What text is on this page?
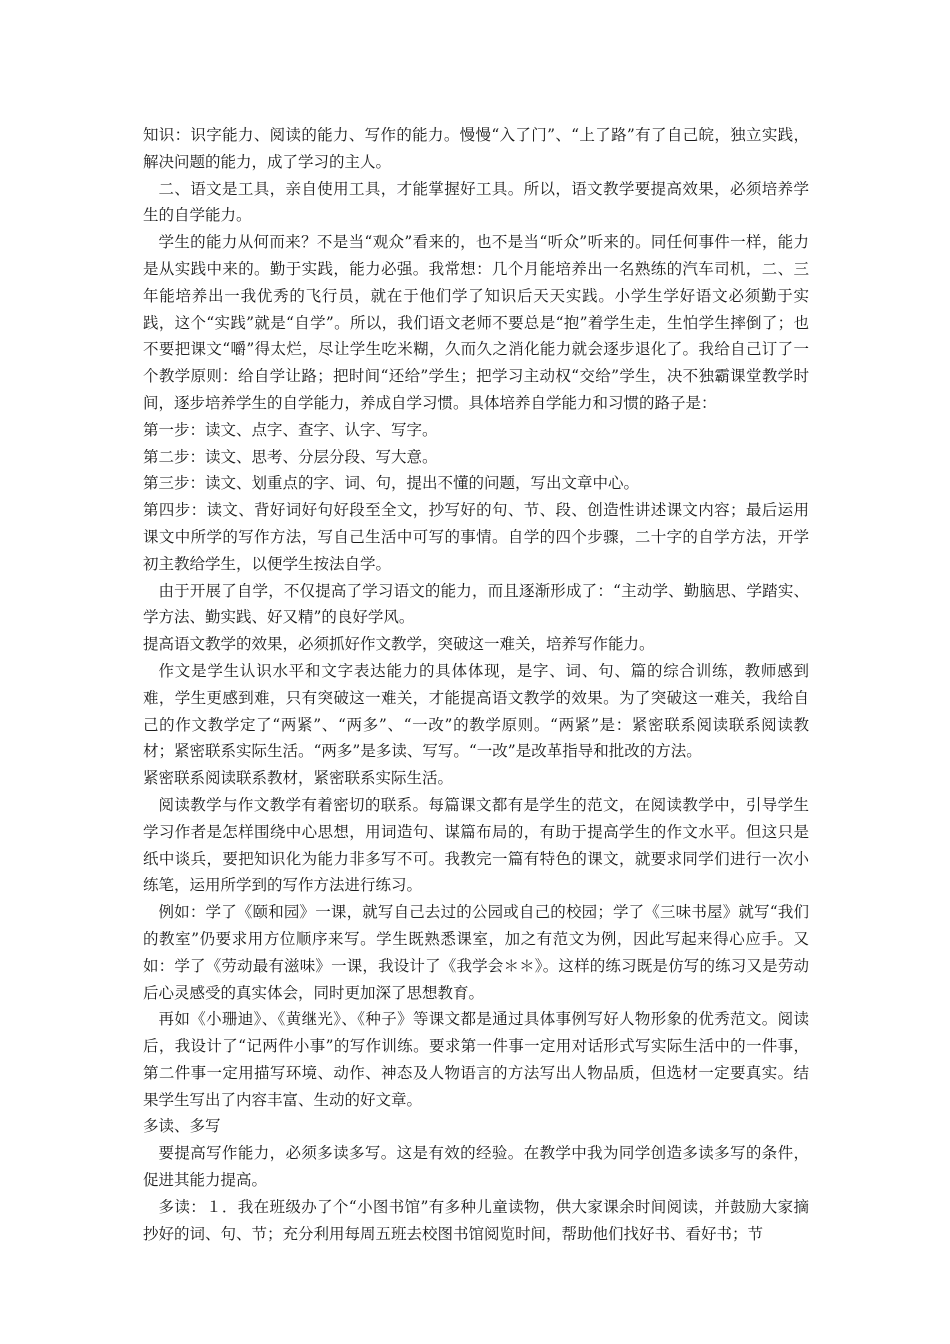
知识：识字能力、阅读的能力、写作的能力。慢慢“入了门”、“上了路”有了自己皖，独立实践，解决问题的能力，成了学习的主人。

二、语文是工具，亲自使用工具，才能掌握好工具。所以，语文教学要提高效果，必须培养学生的自学能力。

学生的能力从何而来？不是当“观众”看来的，也不是当“听众”听来的。同任何事件一样，能力是从实践中来的。勤于实践，能力必强。我常想：几个月能培养出一名熟练的汽车司机，二、三年能培养出一我优秀的飞行员，就在于他们学了知识后天天实践。小学生学好语文必须勤于实践，这个“实践”就是“自学”。所以，我们语文老师不要总是“抱”着学生走，生怕学生摔倒了；也不要把课文“嚼”得太烂，尽让学生吃米糊，久而久之消化能力就会逐步退化了。我给自己订了一个教学原则：给自学让路；把时间“还给”学生；把学习主动权“交给”学生，决不独霸课堂教学时间，逐步培养学生的自学能力，养成自学习惯。具体培养自学能力和习惯的路子是：

第一步：读文、点字、查字、认字、写字。

第二步：读文、思考、分层分段、写大意。

第三步：读文、划重点的字、词、句，提出不懂的问题，写出文章中心。

第四步：读文、背好词好句好段至全文，抄写好的句、节、段、创造性讲述课文内容；最后运用课文中所学的写作方法，写自己生活中可写的事情。自学的四个步骤，二十字的自学方法，开学初主教给学生，以便学生按法自学。

由于开展了自学，不仅提高了学习语文的能力，而且逐渐形成了：“主动学、勤脑思、学踏实、学方法、勤实践、好又精”的良好学风。

提高语文教学的效果，必须抓好作文教学，突破这一难关，培养写作能力。

作文是学生认识水平和文字表达能力的具体体现，是字、词、句、篇的综合训练，教师感到难，学生更感到难，只有突破这一难关，才能提高语文教学的效果。为了突破这一难关，我给自己的作文教学定了“两紧”、“两多”、“一改”的教学原则。“两紧”是：紧密联系阅读联系阅读教材；紧密联系实际生活。“两多”是多读、写写。“一改”是改革指导和批改的方法。

紧密联系阅读联系教材，紧密联系实际生活。

阅读教学与作文教学有着密切的联系。每篇课文都有是学生的范文，在阅读教学中，引导学生学习作者是怎样围绕中心思想，用词造句、谋篇布局的，有助于提高学生的作文水平。但这只是纸中谈兵，要把知识化为能力非多写不可。我教完一篇有特色的课文，就要求同学们进行一次小练笔，运用所学到的写作方法进行练习。

例如：学了《颐和园》一课，就写自己去过的公园或自己的校园；学了《三味书屋》就写“我们的教室”仍要求用方位顺序来写。学生既熟悉课室，加之有范文为例，因此写起来得心应手。又如：学了《劳动最有滋味》一课，我设计了《我学会＊＊》。这样的练习既是仿写的练习又是劳动后心灵感受的真实体会，同时更加深了思想教育。

再如《小珊迪》、《黄继光》、《种子》等课文都是通过具体事例写好人物形象的优秀范文。阅读后，我设计了“记两件小事”的写作训练。要求第一件事一定用对话形式写实际生活中的一件事，第二件事一定用描写环境、动作、神态及人物语言的方法写出人物品质，但选材一定要真实。结果学生写出了内容丰富、生动的好文章。

多读、多写

要提高写作能力，必须多读多写。这是有效的经验。在教学中我为同学创造多读多写的条件，促进其能力提高。

多读：１．我在班级办了个“小图书馆”有多种儿童读物，供大家课余时间阅读，并鼓励大家摘抄好的词、句、节；充分利用每周五班去校图书馆阅览时间，帮助他们找好书、看好书；节
